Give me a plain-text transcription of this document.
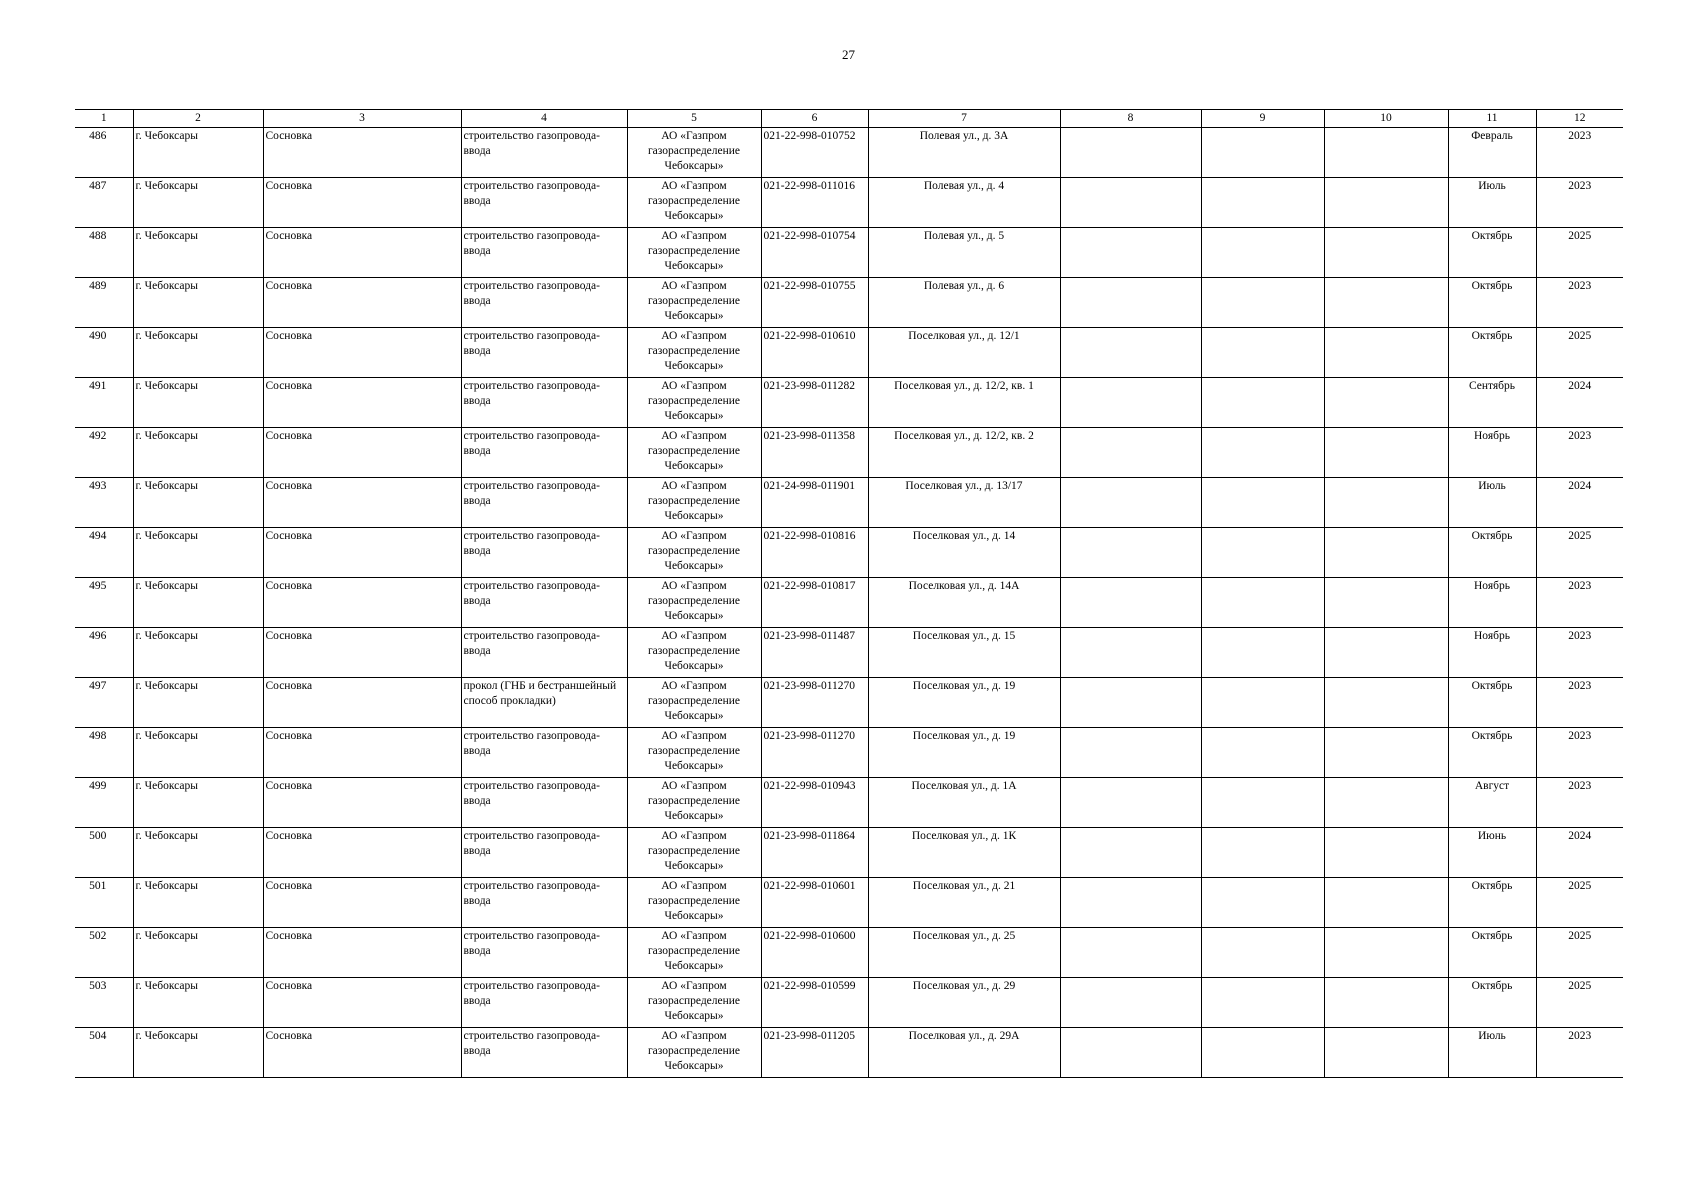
27
1	2	3	4	5	6	7	8	9	10	11	12
486	г. Чебоксары	Сосновка	строительство газопровода-ввода	АО «Газпром газораспределение Чебоксары»	021-22-998-010752	Полевая ул., д. 3А				Февраль	2023
487	г. Чебоксары	Сосновка	строительство газопровода-ввода	АО «Газпром газораспределение Чебоксары»	021-22-998-011016	Полевая ул., д. 4				Июль	2023
488	г. Чебоксары	Сосновка	строительство газопровода-ввода	АО «Газпром газораспределение Чебоксары»	021-22-998-010754	Полевая ул., д. 5				Октябрь	2025
489	г. Чебоксары	Сосновка	строительство газопровода-ввода	АО «Газпром газораспределение Чебоксары»	021-22-998-010755	Полевая ул., д. 6				Октябрь	2023
490	г. Чебоксары	Сосновка	строительство газопровода-ввода	АО «Газпром газораспределение Чебоксары»	021-22-998-010610	Поселковая ул., д. 12/1				Октябрь	2025
491	г. Чебоксары	Сосновка	строительство газопровода-ввода	АО «Газпром газораспределение Чебоксары»	021-23-998-011282	Поселковая ул., д. 12/2, кв. 1				Сентябрь	2024
492	г. Чебоксары	Сосновка	строительство газопровода-ввода	АО «Газпром газораспределение Чебоксары»	021-23-998-011358	Поселковая ул., д. 12/2, кв. 2				Ноябрь	2023
493	г. Чебоксары	Сосновка	строительство газопровода-ввода	АО «Газпром газораспределение Чебоксары»	021-24-998-011901	Поселковая ул., д. 13/17				Июль	2024
494	г. Чебоксары	Сосновка	строительство газопровода-ввода	АО «Газпром газораспределение Чебоксары»	021-22-998-010816	Поселковая ул., д. 14				Октябрь	2025
495	г. Чебоксары	Сосновка	строительство газопровода-ввода	АО «Газпром газораспределение Чебоксары»	021-22-998-010817	Поселковая ул., д. 14А				Ноябрь	2023
496	г. Чебоксары	Сосновка	строительство газопровода-ввода	АО «Газпром газораспределение Чебоксары»	021-23-998-011487	Поселковая ул., д. 15				Ноябрь	2023
497	г. Чебоксары	Сосновка	прокол (ГНБ и бестраншейный способ прокладки)	АО «Газпром газораспределение Чебоксары»	021-23-998-011270	Поселковая ул., д. 19				Октябрь	2023
498	г. Чебоксары	Сосновка	строительство газопровода-ввода	АО «Газпром газораспределение Чебоксары»	021-23-998-011270	Поселковая ул., д. 19				Октябрь	2023
499	г. Чебоксары	Сосновка	строительство газопровода-ввода	АО «Газпром газораспределение Чебоксары»	021-22-998-010943	Поселковая ул., д. 1А				Август	2023
500	г. Чебоксары	Сосновка	строительство газопровода-ввода	АО «Газпром газораспределение Чебоксары»	021-23-998-011864	Поселковая ул., д. 1К				Июнь	2024
501	г. Чебоксары	Сосновка	строительство газопровода-ввода	АО «Газпром газораспределение Чебоксары»	021-22-998-010601	Поселковая ул., д. 21				Октябрь	2025
502	г. Чебоксары	Сосновка	строительство газопровода-ввода	АО «Газпром газораспределение Чебоксары»	021-22-998-010600	Поселковая ул., д. 25				Октябрь	2025
503	г. Чебоксары	Сосновка	строительство газопровода-ввода	АО «Газпром газораспределение Чебоксары»	021-22-998-010599	Поселковая ул., д. 29				Октябрь	2025
504	г. Чебоксары	Сосновка	строительство газопровода-ввода	АО «Газпром газораспределение Чебоксары»	021-23-998-011205	Поселковая ул., д. 29А				Июль	2023
